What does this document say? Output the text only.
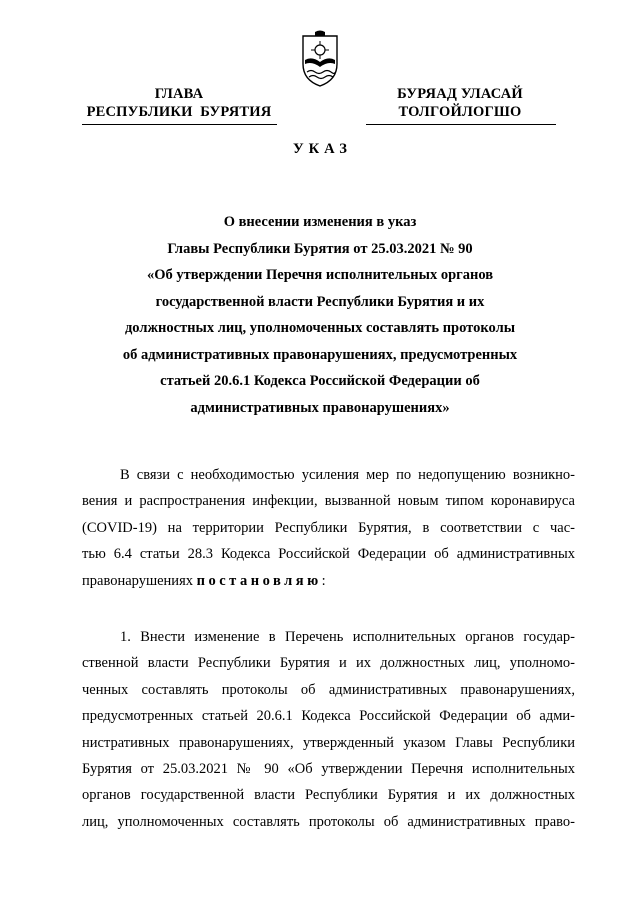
ГЛАВА
РЕСПУБЛИКИ  БУРЯТИЯ
БУРЯАД УЛАСАЙ
ТОЛГОЙЛОГШО
УКАЗ
О внесении изменения в указ
Главы Республики Бурятия от 25.03.2021 № 90
«Об утверждении Перечня исполнительных органов
государственной власти Республики Бурятия и их
должностных лиц, уполномоченных составлять протоколы
об административных правонарушениях, предусмотренных
статьей 20.6.1 Кодекса Российской Федерации об
административных правонарушениях»
В связи с необходимостью усиления мер по недопущению возникно-
вения и распространения инфекции, вызванной новым типом коронавируса
(COVID-19) на территории Республики Бурятия, в соответствии с час-
тью 6.4 статьи 28.3 Кодекса Российской Федерации об административных
правонарушениях постановляю:
1. Внести изменение в Перечень исполнительных органов государ-
ственной власти Республики Бурятия и их должностных лиц, уполномо-
ченных составлять протоколы об административных правонарушениях,
предусмотренных статьей 20.6.1 Кодекса Российской Федерации об адми-
нистративных правонарушениях, утвержденный указом Главы Республики
Бурятия от 25.03.2021 № 90 «Об утверждении Перечня исполнительных
органов государственной власти Республики Бурятия и их должностных
лиц, уполномоченных составлять протоколы об административных право-
